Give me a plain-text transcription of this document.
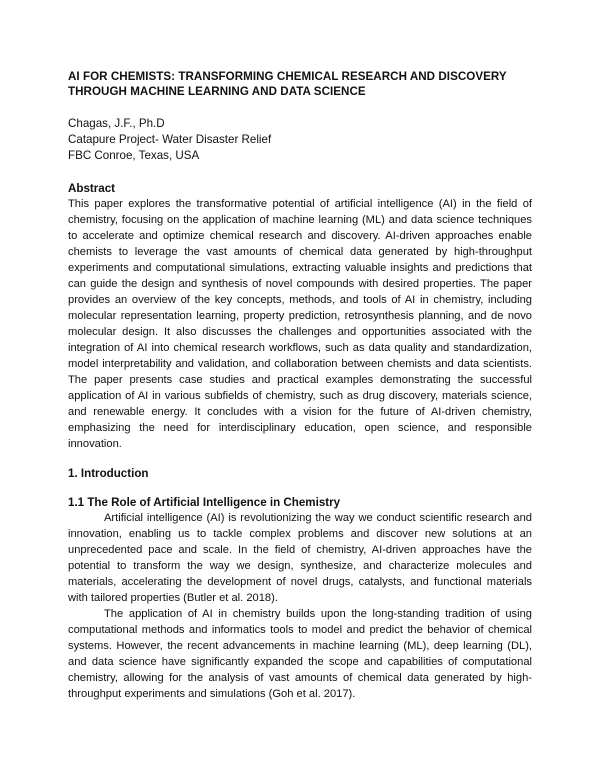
AI FOR CHEMISTS: TRANSFORMING CHEMICAL RESEARCH AND DISCOVERY THROUGH MACHINE LEARNING AND DATA SCIENCE
Chagas, J.F., Ph.D
Catapure Project- Water Disaster Relief
FBC Conroe, Texas, USA
Abstract

This paper explores the transformative potential of artificial intelligence (AI) in the field of chemistry, focusing on the application of machine learning (ML) and data science techniques to accelerate and optimize chemical research and discovery. AI-driven approaches enable chemists to leverage the vast amounts of chemical data generated by high-throughput experiments and computational simulations, extracting valuable insights and predictions that can guide the design and synthesis of novel compounds with desired properties. The paper provides an overview of the key concepts, methods, and tools of AI in chemistry, including molecular representation learning, property prediction, retrosynthesis planning, and de novo molecular design. It also discusses the challenges and opportunities associated with the integration of AI into chemical research workflows, such as data quality and standardization, model interpretability and validation, and collaboration between chemists and data scientists. The paper presents case studies and practical examples demonstrating the successful application of AI in various subfields of chemistry, such as drug discovery, materials science, and renewable energy. It concludes with a vision for the future of AI-driven chemistry, emphasizing the need for interdisciplinary education, open science, and responsible innovation.

1. Introduction
1.1 The Role of Artificial Intelligence in Chemistry

Artificial intelligence (AI) is revolutionizing the way we conduct scientific research and innovation, enabling us to tackle complex problems and discover new solutions at an unprecedented pace and scale. In the field of chemistry, AI-driven approaches have the potential to transform the way we design, synthesize, and characterize molecules and materials, accelerating the development of novel drugs, catalysts, and functional materials with tailored properties (Butler et al. 2018).

The application of AI in chemistry builds upon the long-standing tradition of using computational methods and informatics tools to model and predict the behavior of chemical systems. However, the recent advancements in machine learning (ML), deep learning (DL), and data science have significantly expanded the scope and capabilities of computational chemistry, allowing for the analysis of vast amounts of chemical data generated by high-throughput experiments and simulations (Goh et al. 2017).
